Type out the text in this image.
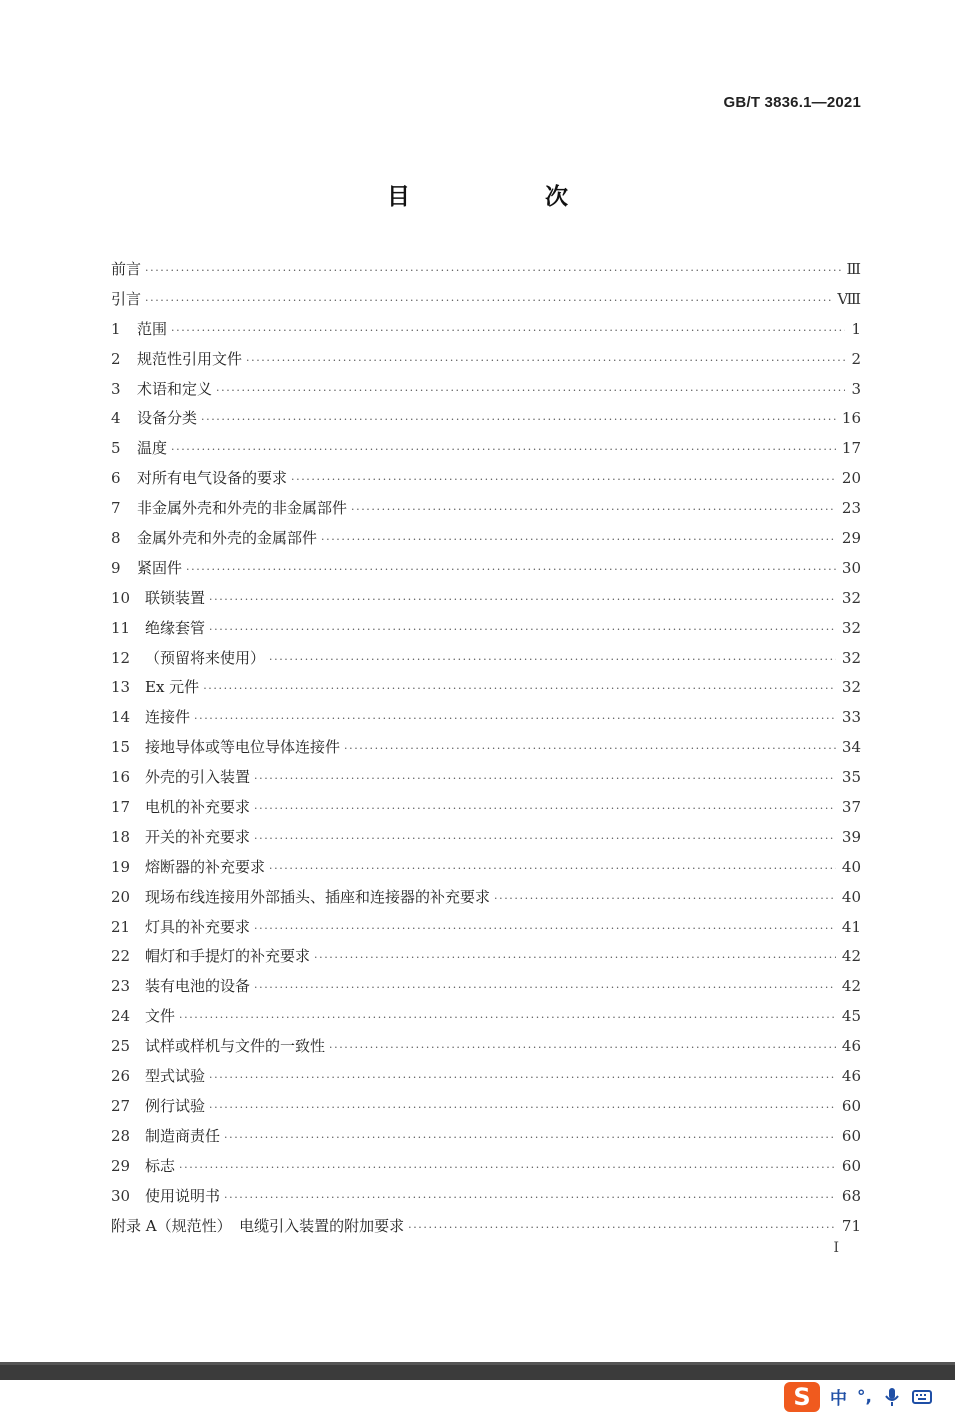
GB/T 3836.1—2021
目　次
前言 ·····	Ⅲ
引言 ·····	Ⅷ
1	范围 ·····	1
2	规范性引用文件 ·····	2
3	术语和定义 ·····	3
4	设备分类 ·····	16
5	温度 ·····	17
6	对所有电气设备的要求 ·····	20
7	非金属外壳和外壳的非金属部件 ·····	23
8	金属外壳和外壳的金属部件 ·····	29
9	紧固件 ·····	30
10 联锁装置 ·····	32
11 绝缘套管 ·····	32
12 （预留将来使用） ·····	32
13 Ex 元件 ·····	32
14 连接件 ·····	33
15 接地导体或等电位导体连接件 ·····	34
16 外壳的引入装置 ·····	35
17 电机的补充要求 ·····	37
18 开关的补充要求 ·····	39
19 熔断器的补充要求 ·····	40
20 现场布线连接用外部插头、插座和连接器的补充要求 ·····	40
21 灯具的补充要求 ·····	41
22 帽灯和手提灯的补充要求 ·····	42
23 装有电池的设备 ·····	42
24 文件 ·····	45
25 试样或样机与文件的一致性 ·····	46
26 型式试验 ·····	46
27 例行试验 ·····	60
28 制造商责任 ·····	60
29 标志 ·····	60
30 使用说明书 ·····	68
附录 A（规范性）　电缆引入装置的附加要求 ·····	71
I
S	中 °,
